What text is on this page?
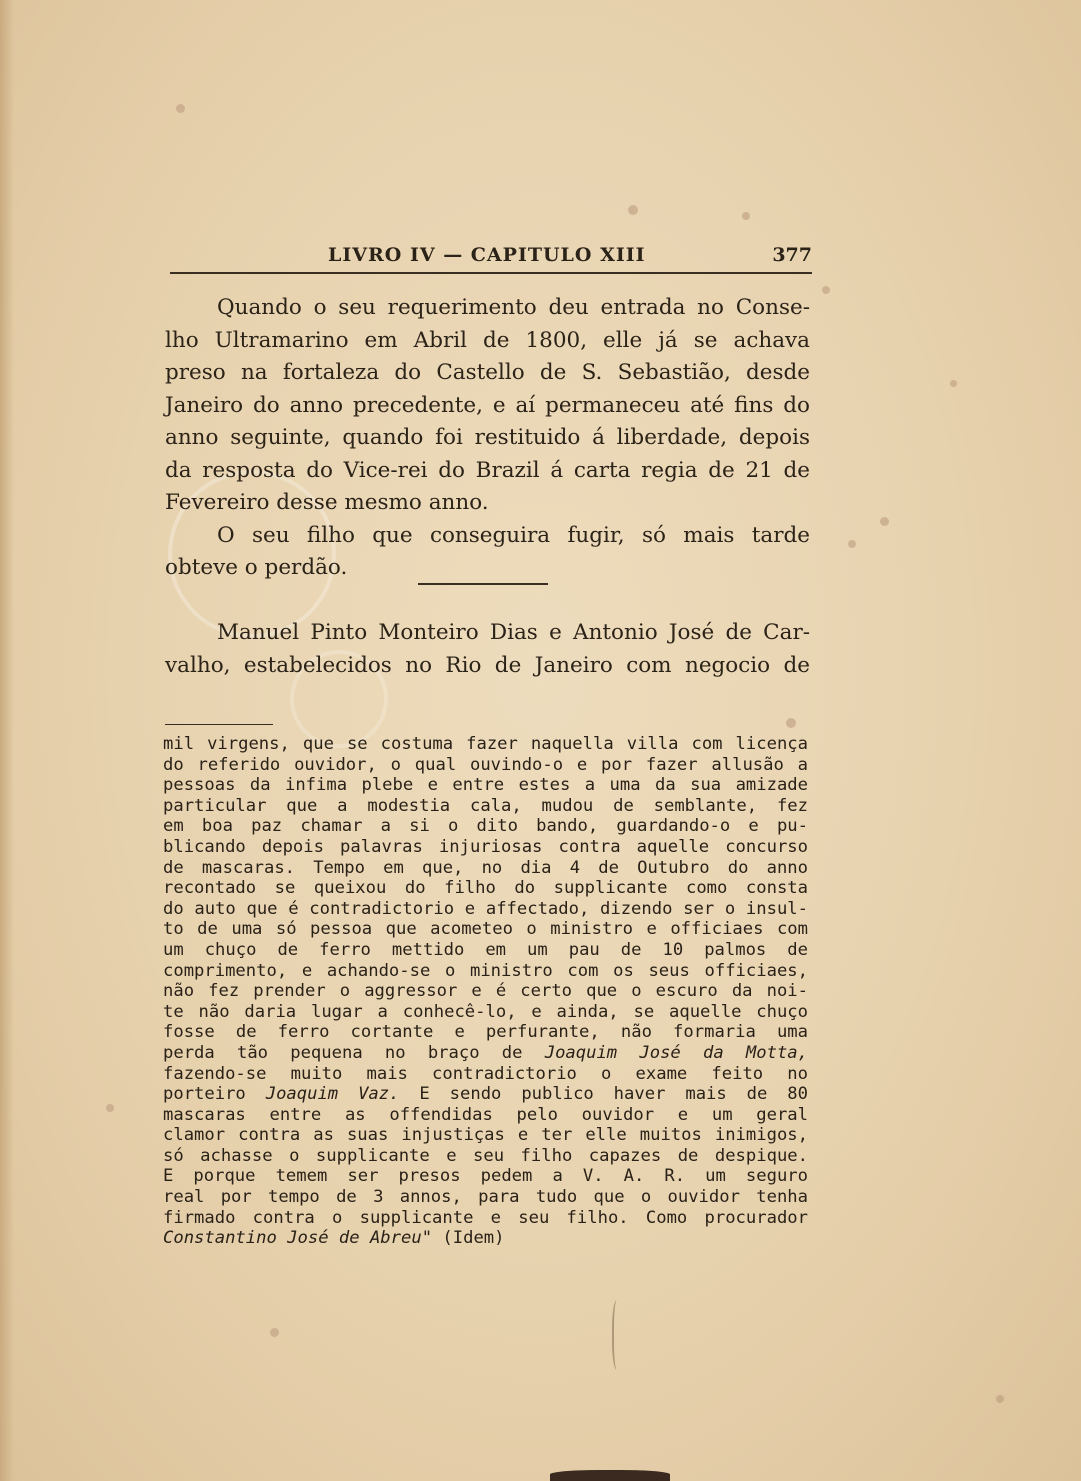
LIVRO IV — CAPITULO XIII	377

Quando o seu requerimento deu entrada no Conse-
lho Ultramarino em Abril de 1800, elle já se achava
preso na fortaleza do Castello de S. Sebastião, desde
Janeiro do anno precedente, e aí permaneceu até fins do
anno seguinte, quando foi restituido á liberdade, depois
da resposta do Vice-rei do Brazil á carta regia de 21 de
Fevereiro desse mesmo anno.

O seu filho que conseguira fugir, só mais tarde
obteve o perdão.

Manuel Pinto Monteiro Dias e Antonio José de Car-
valho, estabelecidos no Rio de Janeiro com negocio de

mil virgens, que se costuma fazer naquella villa com licença
do referido ouvidor, o qual ouvindo-o e por fazer allusão a
pessoas da infima plebe e entre estes a uma da sua amizade
particular que a modestia cala, mudou de semblante, fez
em boa paz chamar a si o dito bando, guardando-o e pu-
blicando depois palavras injuriosas contra aquelle concurso
de mascaras. Tempo em que, no dia 4 de Outubro do anno
recontado se queixou do filho do supplicante como consta
do auto que é contradictorio e affectado, dizendo ser o insul-
to de uma só pessoa que acometeo o ministro e officiaes com
um chuço de ferro mettido em um pau de 10 palmos de
comprimento, e achando-se o ministro com os seus officiaes,
não fez prender o aggressor e é certo que o escuro da noi-
te não daria lugar a conhecê-lo, e ainda, se aquelle chuço
fosse de ferro cortante e perfurante, não formaria uma
perda tão pequena no braço de Joaquim José da Motta,
fazendo-se muito mais contradictorio o exame feito no
porteiro Joaquim Vaz. E sendo publico haver mais de 80
mascaras entre as offendidas pelo ouvidor e um geral
clamor contra as suas injustiças e ter elle muitos inimigos,
só achasse o supplicante e seu filho capazes de despique.
E porque temem ser presos pedem a V. A. R. um seguro
real por tempo de 3 annos, para tudo que o ouvidor tenha
firmado contra o supplicante e seu filho. Como procurador
Constantino José de Abreu" (Idem)
